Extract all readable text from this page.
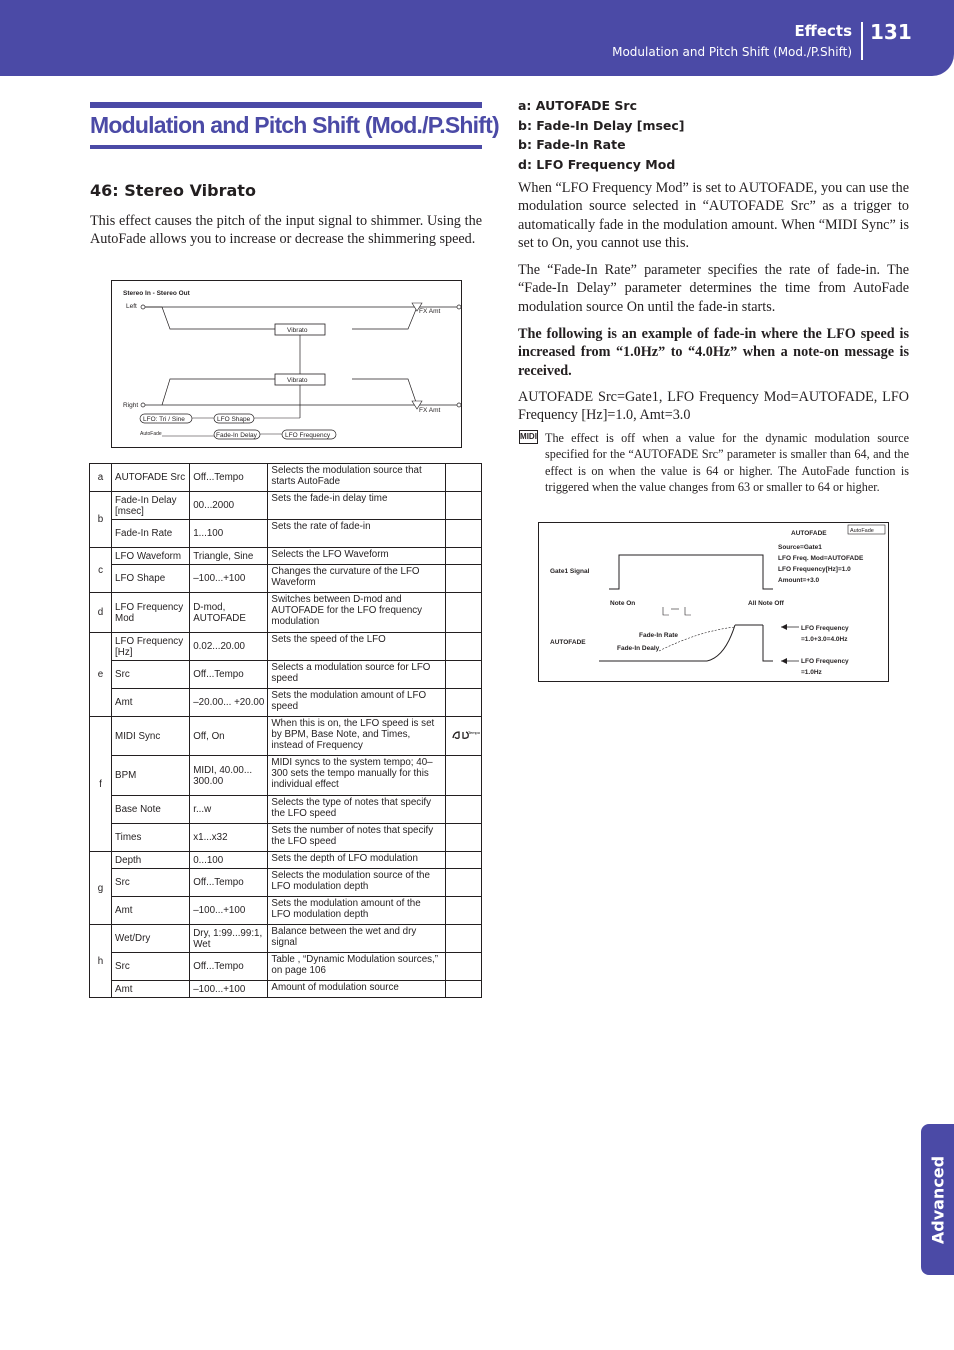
Effects
Modulation and Pitch Shift (Mod./P.Shift)
131
Advanced
Modulation and Pitch Shift (Mod./P.Shift)
46: Stereo Vibrato
This effect causes the pitch of the input signal to shimmer. Using the AutoFade allows you to increase or decrease the shimmering speed.
Stereo In - Stereo Out
Left
Right
Vibrato
Vibrato
FX Amt
FX Amt
LFO: Tri / Sine	LFO Shape
AutoFade	Fade-In Delay	LFO Frequency
a	AUTOFADE Src	Off...Tempo	Selects the modulation source that starts AutoFade	
b	Fade-In Delay [msec]	00...2000	Sets the fade-in delay time	
	Fade-In Rate	1...100	Sets the rate of fade-in	
c	LFO Waveform	Triangle, Sine	Selects the LFO Waveform	
	LFO Shape	–100...+100	Changes the curvature of the LFO Waveform	
d	LFO Frequency Mod	D-mod, AUTOFADE	Switches between D-mod and AUTOFADE for the LFO frequency modulation	
e	LFO Frequency [Hz]	0.02...20.00	Sets the speed of the LFO	
	Src	Off...Tempo	Selects a modulation source for LFO speed	
	Amt	–20.00... +20.00	Sets the modulation amount of LFO speed	
f	MIDI Sync	Off, On	When this is on, the LFO speed is set by BPM, Base Note, and Times, instead of Frequency	Tempo

	BPM	MIDI, 40.00... 300.00	MIDI syncs to the system tempo; 40–300 sets the tempo manually for this individual effect	
	Base Note	r...w	Selects the type of notes that specify the LFO speed	
	Times	x1...x32	Sets the number of notes that specify the LFO speed	
g	Depth	0...100	Sets the depth of LFO modulation	
	Src	Off...Tempo	Selects the modulation source of the LFO modulation depth	
	Amt	–100...+100	Sets the modulation amount of the LFO modulation depth	
h	Wet/Dry	Dry, 1:99...99:1, Wet	Balance between the wet and dry signal	
	Src	Off...Tempo	Table , “Dynamic Modulation sources,” on page 106	
	Amt	–100...+100	Amount of modulation source	
a: AUTOFADE Src
b: Fade-In Delay [msec]
b: Fade-In Rate
d: LFO Frequency Mod
When “LFO Frequency Mod” is set to AUTOFADE, you can use the modulation source selected in “AUTOFADE Src” as a trigger to automatically fade in the modulation amount. When “MIDI Sync” is set to On, you cannot use this.
The “Fade-In Rate” parameter specifies the rate of fade-in. The “Fade-In Delay” parameter determines the time from AutoFade modulation source On until the fade-in starts.
The following is an example of fade-in where the LFO speed is increased from “1.0Hz” to “4.0Hz” when a note-on message is received.
AUTOFADE Src=Gate1, LFO Frequency Mod=AUTOFADE, LFO Frequency [Hz]=1.0, Amt=3.0
MIDI The effect is off when a value for the dynamic modulation source specified for the “AUTOFADE Src” parameter is smaller than 64, and the effect is on when the value is 64 or higher. The AutoFade function is triggered when the value changes from 63 or smaller to 64 or higher.
AUTOFADE	AutoFade
Source=Gate1
LFO Freq. Mod=AUTOFADE
LFO Frequency[Hz]=1.0
Amount=+3.0
Gate1 Signal
Note On	All Note Off
AUTOFADE
Fade-In Rate
Fade-In Dealy
LFO Frequency
=1.0+3.0=4.0Hz
LFO Frequency
=1.0Hz
